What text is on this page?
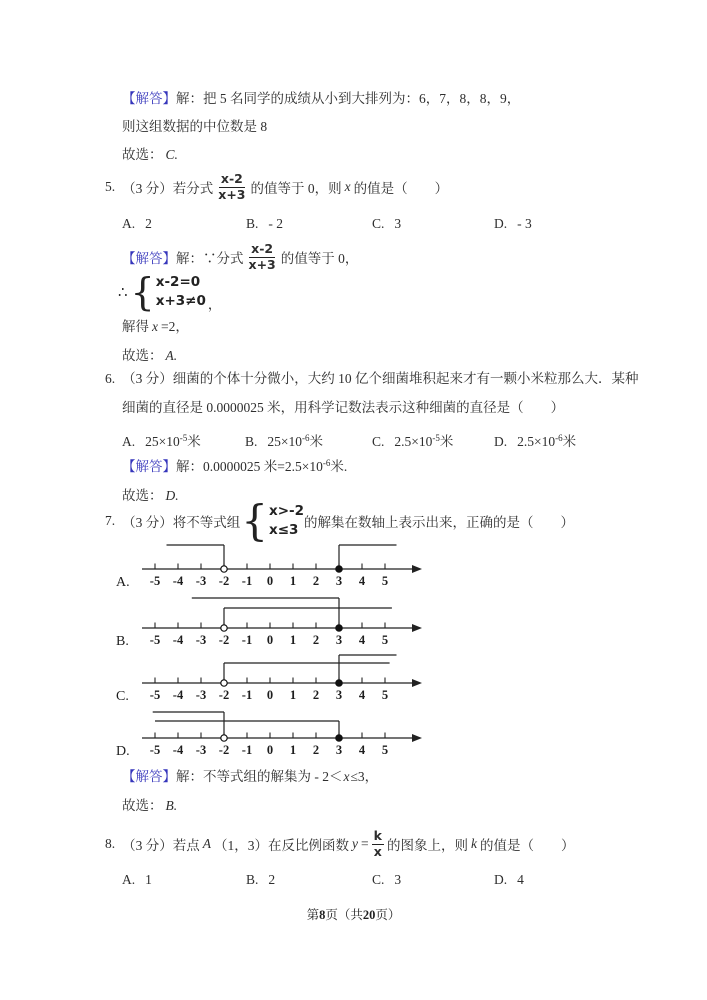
【解答】解：把 5 名同学的成绩从小到大排列为：6，7，8，8，9，
则这组数据的中位数是 8
故选： C.
5. （3 分）若分式 $\frac{x-2}{x+3}$ 的值等于 0，则 x 的值是（　　）
A. 2	B. - 2	C. 3	D. - 3
【解答】 解：∵分式 $\frac{x-2}{x+3}$ 的值等于 0，
∴ { x-2=0
x+3≠0 ，
解得 x =2，
故选： A.
6. （3 分）细菌的个体十分微小，大约 10 亿个细菌堆积起来才有一颗小米粒那么大．某种
细菌的直径是 0.0000025 米，用科学记数法表示这种细菌的直径是（　　）
A. $25\times 10^{-5}$米	B. $25\times 10^{-6}$米	C. $2.5\times 10^{-5}$米	D. $2.5\times 10^{-6}$米
【解答】解：0.0000025 米$=2.5\times 10^{-6}$米.
故选： D.
7. （3 分）将不等式组 { x>-2
x≤3 的解集在数轴上表示出来，正确的是（　　）
-5 -4 -3 -2 -1 0 1 2 3 4 5
A.
-5 -4 -3 -2 -1 0 1 2 3 4 5
B.
-5 -4 -3 -2 -1 0 1 2 3 4 5
C.
-5 -4 -3 -2 -1 0 1 2 3 4 5
D.
【解答】解：不等式组的解集为 - 2＜x≤3，
故选： B.
8. （3 分）若点 A （1，3）在反比例函数 $y = \frac{k}{x}$ 的图象上，则 k 的值是（　　）
A. 1	B. 2	C. 3	D. 4
第8页（共20页）
